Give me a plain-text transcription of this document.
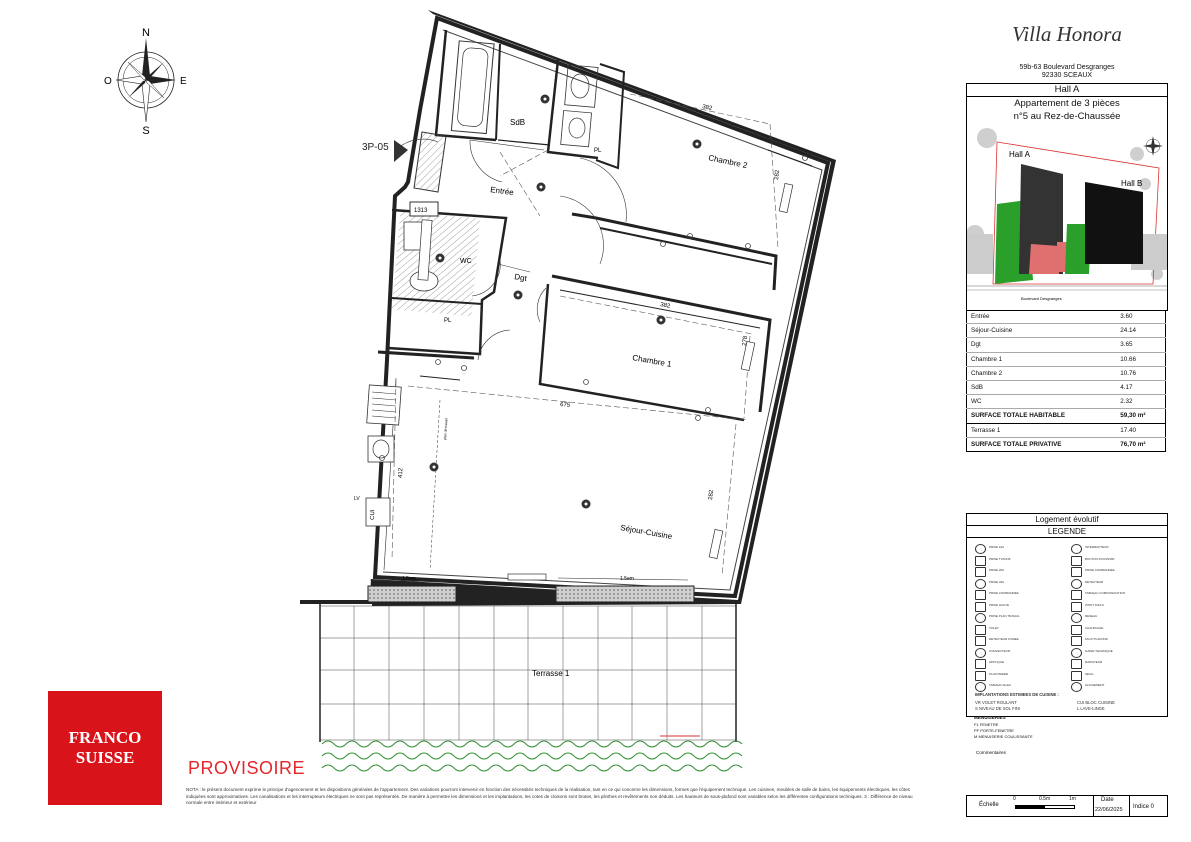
N
S
E
O
3P-05
SdB
Chambre 2
Entrée
WC
Dgt
Chambre 1
Séjour-Cuisine
Terrasse 1
PL
PL
382
382
675
282
278
282
412
1313
1.5em	1.5em
CUI
LV
plan de travail
FRANCO
SUISSE
PROVISOIRE
NOTA : le présent document exprime le principe d'agencement et les dispositions générales de l'appartement. Des variations pourront intervenir en fonction des nécessités techniques de la réalisation, tant en ce qui concerne les dimensions, formes que l'équipement technique. Les cuisines, meubles de salle de bains, les équipements électriques, les côtes indiquées sont approximatives. Les canalisations et les interrupteurs électriques ne sont pas représentés. De manière à permettre les dimensions et les implantations, les cotes de cloisons sont brutes, les plinthes et revêtements non déduits. Les hauteurs de sous-plafond sont variables selon les différentes configurations techniques. 3 : Différence de niveau normale entre intérieur et extérieur
Villa Honora
59b-63 Boulevard Desgranges
92330 SCEAUX
Hall A
Appartement de 3 pièces
n°5 au Rez-de-Chaussée
Hall A
Hall B
Boulevard Desgranges
Entrée	3.60
Séjour-Cuisine	24.14
Dgt	3.65
Chambre 1	10.66
Chambre 2	10.76
SdB	4.17
WC	2.32
SURFACE TOTALE HABITABLE	59,30 m²
Terrasse 1	17.40
SURFACE TOTALE PRIVATIVE	76,70 m²
Logement évolutif
LEGENDE
PRISE 16A
PRISE TV/RJ45
PRISE 20A
PRISE 32A
PRISE COMMANDEE
PRISE HAUTE
PRISE PLAN TRAVAIL
VOLET
DETECTEUR FUMEE
CONVECTEUR
APPLIQUE
PLAFONNIER
TABLEAU ELEC
INTERRUPTEUR
BOUTON POUSSOIR
PRISE COMMANDEE
DETECTEUR
TABLEAU COMMUNICATION
POINT D'EAU
RESEAU
CHAUFFAGE
FAUX PLAFOND
GAINE TECHNIQUE
RADIATEUR
SEUIL
ALIGNEMENT
IMPLANTATIONS ESTIMEES DE CUISINE :
VR VOLET ROULANT
S NIVEAU DE SOL FINI
CUI BLOC CUISINE
L LAVE-LINGE
MENUISERIES
F1 FENETRE
PF PORTE-FENETRE
M MENUISERIE COULISSANTE
Commentaires
Échelle
0	0.5m	1m	Date
22/06/2025 Indice 0
